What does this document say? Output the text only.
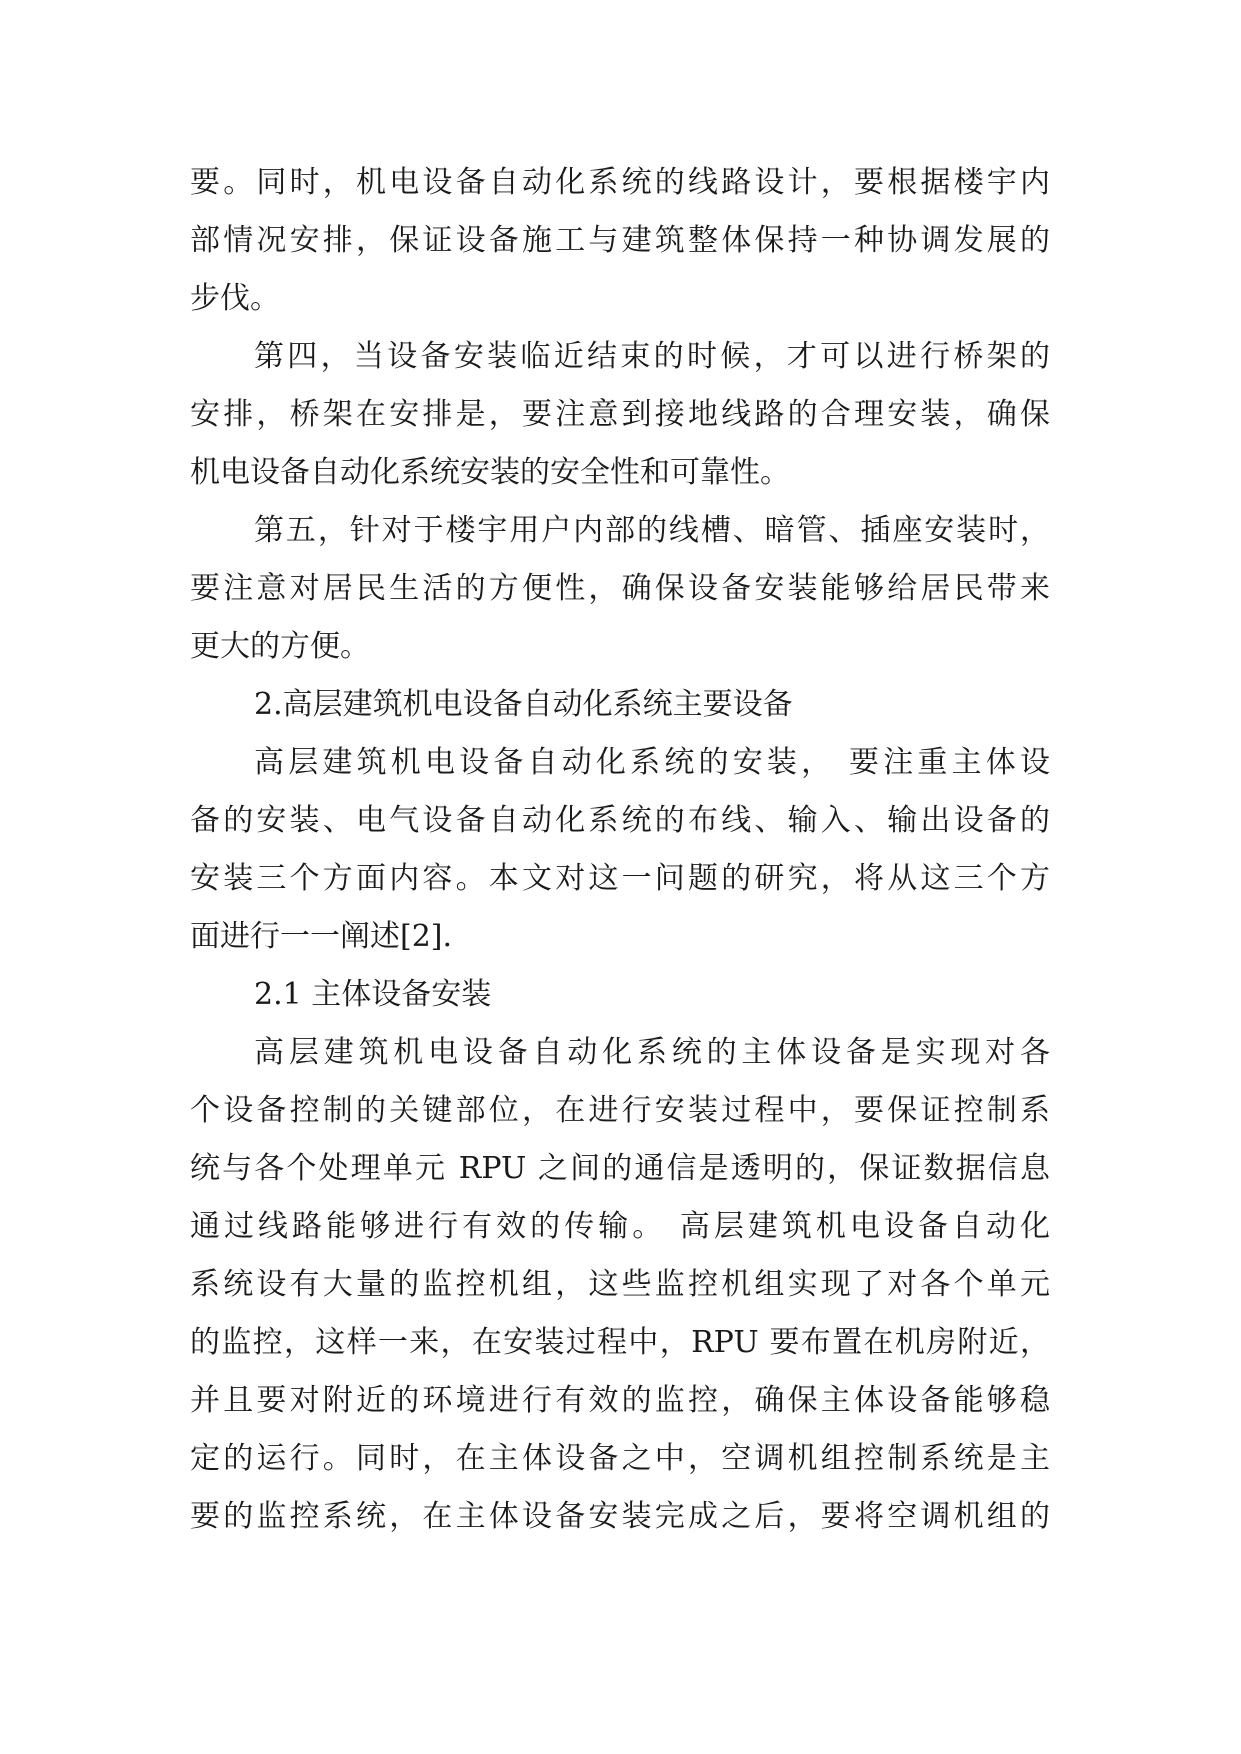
要。同时，机电设备自动化系统的线路设计，要根据楼宇内
部情况安排，保证设备施工与建筑整体保持一种协调发展的
步伐。
第四，当设备安装临近结束的时候，才可以进行桥架的
安排，桥架在安排是，要注意到接地线路的合理安装，确保
机电设备自动化系统安装的安全性和可靠性。
第五，针对于楼宇用户内部的线槽、暗管、插座安装时，
要注意对居民生活的方便性，确保设备安装能够给居民带来
更大的方便。
2.高层建筑机电设备自动化系统主要设备
高层建筑机电设备自动化系统的安装， 要注重主体设
备的安装、电气设备自动化系统的布线、输入、输出设备的
安装三个方面内容。本文对这一问题的研究，将从这三个方
面进行一一阐述[2].
2.1 主体设备安装
高层建筑机电设备自动化系统的主体设备是实现对各
个设备控制的关键部位，在进行安装过程中，要保证控制系
统与各个处理单元 RPU 之间的通信是透明的，保证数据信息
通过线路能够进行有效的传输。 高层建筑机电设备自动化
系统设有大量的监控机组，这些监控机组实现了对各个单元
的监控，这样一来，在安装过程中，RPU 要布置在机房附近，
并且要对附近的环境进行有效的监控，确保主体设备能够稳
定的运行。同时，在主体设备之中，空调机组控制系统是主
要的监控系统，在主体设备安装完成之后，要将空调机组的
